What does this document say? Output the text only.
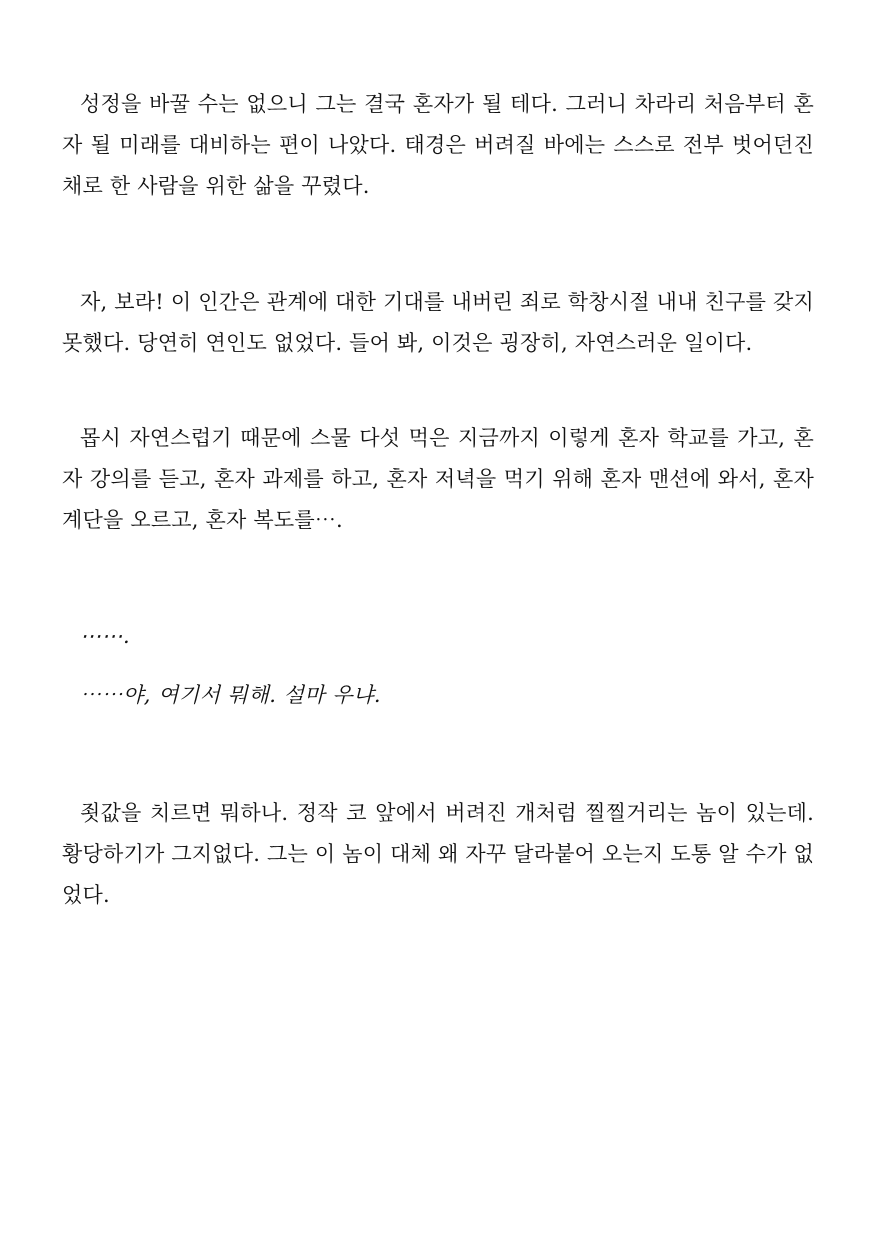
성정을 바꿀 수는 없으니 그는 결국 혼자가 될 테다. 그러니 차라리 처음부터 혼자 될 미래를 대비하는 편이 나았다. 태경은 버려질 바에는 스스로 전부 벗어던진 채로 한 사람을 위한 삶을 꾸렸다.

자, 보라! 이 인간은 관계에 대한 기대를 내버린 죄로 학창시절 내내 친구를 갖지 못했다. 당연히 연인도 없었다. 들어 봐, 이것은 굉장히, 자연스러운 일이다.

몹시 자연스럽기 때문에 스물 다섯 먹은 지금까지 이렇게 혼자 학교를 가고, 혼자 강의를 듣고, 혼자 과제를 하고, 혼자 저녁을 먹기 위해 혼자 맨션에 와서, 혼자 계단을 오르고, 혼자 복도를⋯.

⋯⋯.

⋯⋯야, 여기서 뭐해. 설마 우냐.

죗값을 치르면 뭐하나. 정작 코 앞에서 버려진 개처럼 찔찔거리는 놈이 있는데. 황당하기가 그지없다. 그는 이 놈이 대체 왜 자꾸 달라붙어 오는지 도통 알 수가 없었다.
